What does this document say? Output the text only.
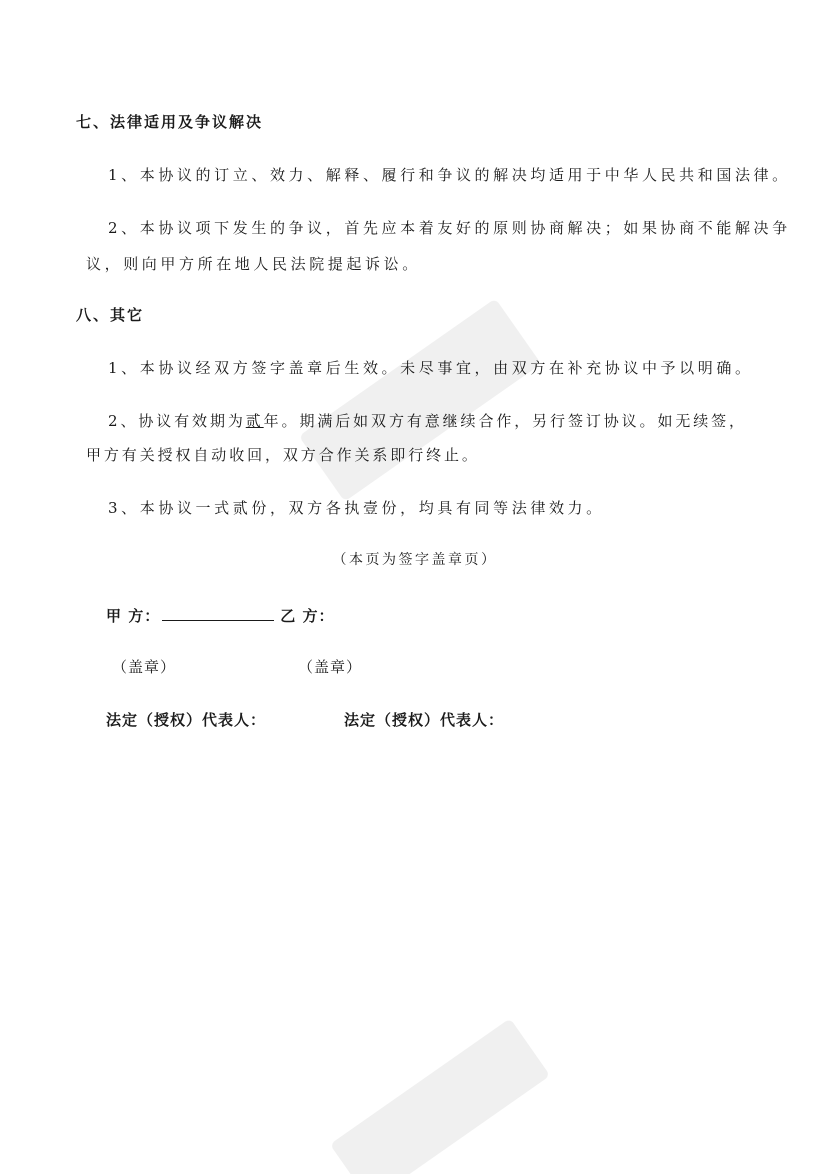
七、法律适用及争议解决
1、本协议的订立、效力、解释、履行和争议的解决均适用于中华人民共和国法律。
2、本协议项下发生的争议，首先应本着友好的原则协商解决；如果协商不能解决争
议，则向甲方所在地人民法院提起诉讼。
八、其它
1、本协议经双方签字盖章后生效。未尽事宜，由双方在补充协议中予以明确。
2、协议有效期为贰年。期满后如双方有意继续合作，另行签订协议。如无续签，
甲方有关授权自动收回，双方合作关系即行终止。
3、本协议一式贰份，双方各执壹份，均具有同等法律效力。
（本页为签字盖章页）
甲 方：	乙 方：
（盖章）	（盖章）
法定（授权）代表人：	法定（授权）代表人：
